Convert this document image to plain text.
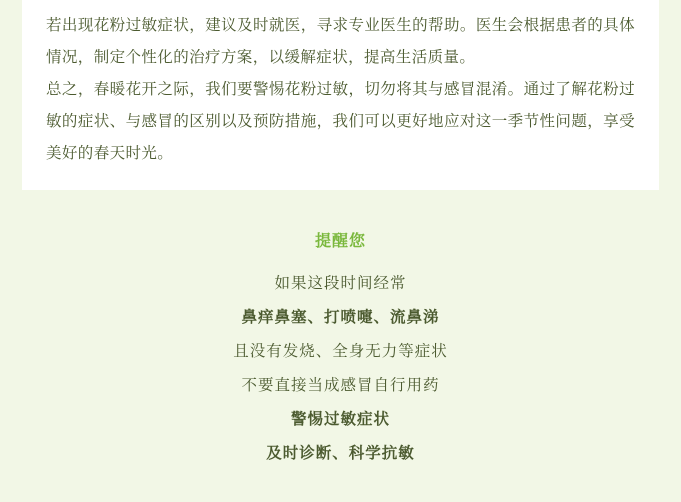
若出现花粉过敏症状，建议及时就医，寻求专业医生的帮助。医生会根据患者的具体情况，制定个性化的治疗方案，以缓解症状，提高生活质量。

总之，春暖花开之际，我们要警惕花粉过敏，切勿将其与感冒混淆。通过了解花粉过敏的症状、与感冒的区别以及预防措施，我们可以更好地应对这一季节性问题，享受美好的春天时光。

提醒您
如果这段时间经常
鼻痒鼻塞、打喷嚏、流鼻涕
且没有发烧、全身无力等症状
不要直接当成感冒自行用药
警惕过敏症状
及时诊断、科学抗敏
